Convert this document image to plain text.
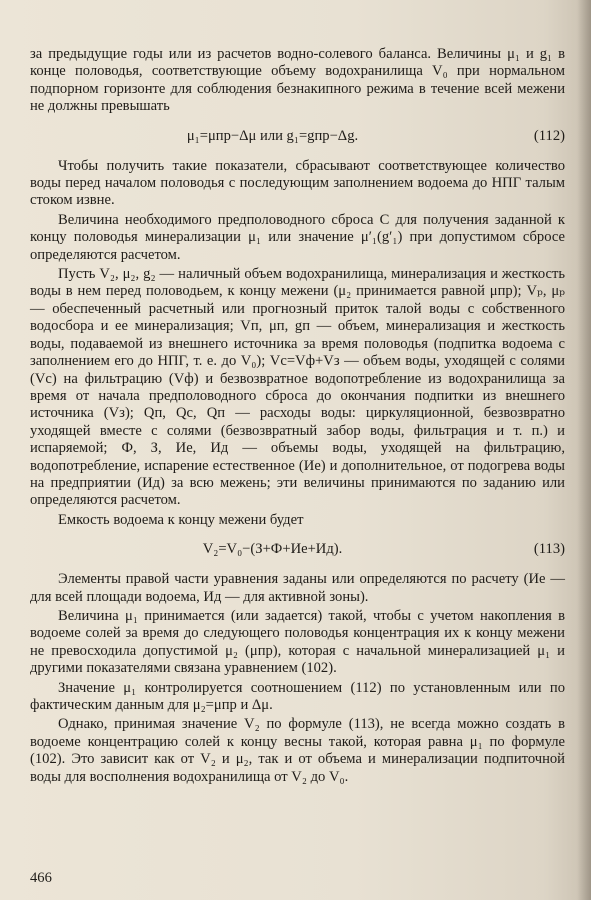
за предыдущие годы или из расчетов водно-солевого баланса. Величины μ₁ и g₁ в конце половодья, соответствующие объему водохранилища V₀ при нормальном подпорном горизонте для соблюдения безнакипного режима в течение всей межени не должны превышать

μ₁=μпр−Δμ или g₁=gпр−Δg.	(112)

Чтобы получить такие показатели, сбрасывают соответствующее количество воды перед началом половодья с последующим заполнением водоема до НПГ талым стоком извне.

Величина необходимого предполоводного сброса C для получения заданной к концу половодья минерализации μ₁ или значение μ′₁(g′₁) при допустимом сбросе определяются расчетом.

Пусть V₂, μ₂, g₂ — наличный объем водохранилища, минерализация и жесткость воды в нем перед половодьем, к концу межени (μ₂ принимается равной μпр); Vₚ, μₚ — обеспеченный расчетный или прогнозный приток талой воды с собственного водосбора и ее минерализация; Vп, μп, gп — объем, минерализация и жесткость воды, подаваемой из внешнего источника за время половодья (подпитка водоема с заполнением его до НПГ, т. е. до V₀); Vс=Vф+Vз — объем воды, уходящей с солями (Vс) на фильтрацию (Vф) и безвозвратное водопотребление из водохранилища за время от начала предполоводного сброса до окончания подпитки из внешнего источника (Vз); Qп, Qс, Qп — расходы воды: циркуляционной, безвозвратно уходящей вместе с солями (безвозвратный забор воды, фильтрация и т. п.) и испаряемой; Ф, З, Ие, Ид — объемы воды, уходящей на фильтрацию, водопотребление, испарение естественное (Ие) и дополнительное, от подогрева воды на предприятии (Ид) за всю межень; эти величины принимаются по заданию или определяются расчетом.

Емкость водоема к концу межени будет

V₂=V₀−(З+Ф+Ие+Ид).	(113)

Элементы правой части уравнения заданы или определяются по расчету (Ие — для всей площади водоема, Ид — для активной зоны).

Величина μ₁ принимается (или задается) такой, чтобы с учетом накопления в водоеме солей за время до следующего половодья концентрация их к концу межени не превосходила допустимой μ₂ (μпр), которая с начальной минерализацией μ₁ и другими показателями связана уравнением (102).

Значение μ₁ контролируется соотношением (112) по установленным или по фактическим данным для μ₂=μпр и Δμ.

Однако, принимая значение V₂ по формуле (113), не всегда можно создать в водоеме концентрацию солей к концу весны такой, которая равна μ₁ по формуле (102). Это зависит как от V₂ и μ₂, так и от объема и минерализации подпиточной воды для восполнения водохранилища от V₂ до V₀.

466
